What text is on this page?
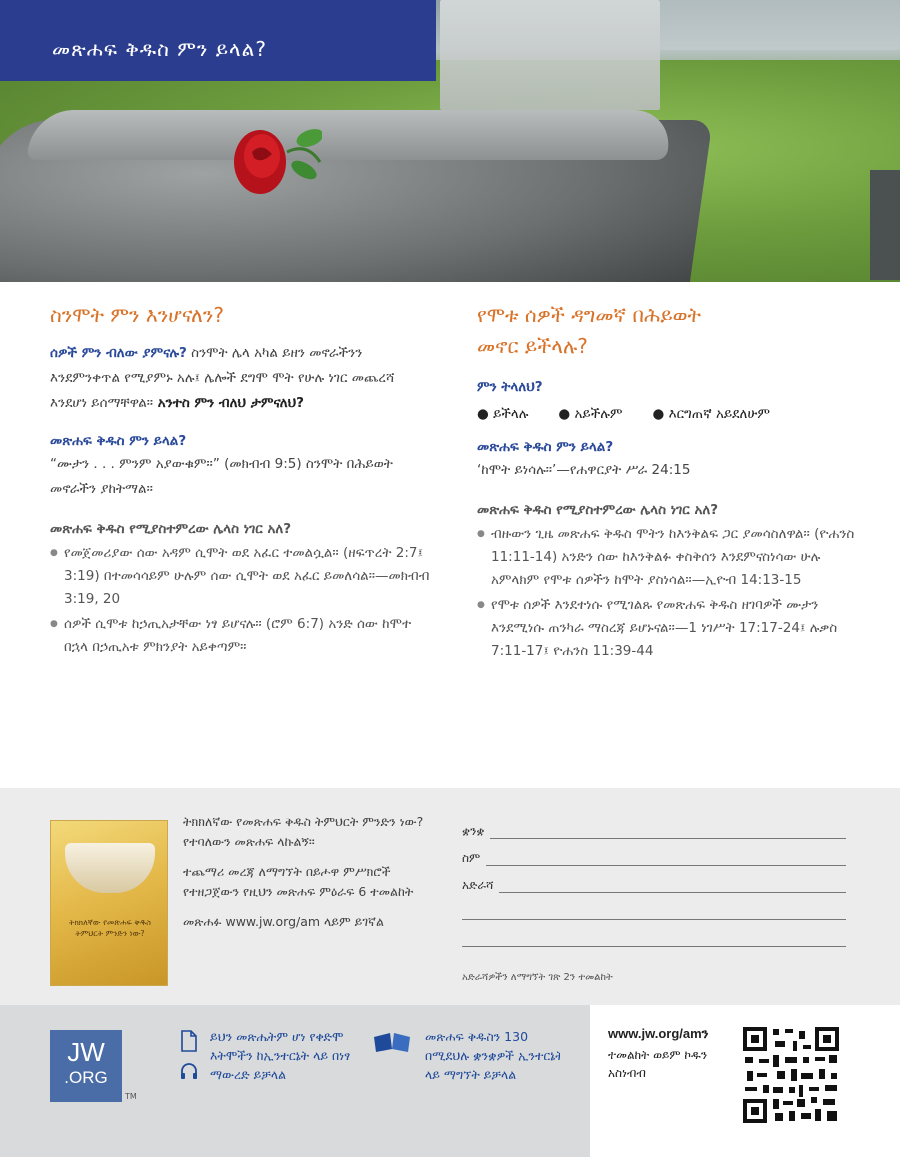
መጽሐፍ ቅዱስ ምን ይላል?
ስንሞት ምን እንሆናለን?

ሰዎች ምን ብለው ያምናሉ? ስንሞት ሌላ አካል ይዘን መኖራችንን እንደምንቀጥል የሚያምኑ አሉ፤ ሌሎች ደግሞ ሞት የሁሉ ነገር መጨረሻ እንደሆነ ይሰማቸዋል። አንተስ ምን ብለህ ታምናለህ?

መጽሐፍ ቅዱስ ምን ይላል?

“ሙታን . . . ምንም አያውቁም።” (መክብብ 9:5) ስንሞት በሕይወት መኖራችን ያከትማል።

መጽሐፍ ቅዱስ የሚያስተምረው ሌላስ ነገር አለ?
● የመጀመሪያው ሰው አዳም ሲሞት ወደ አፈር ተመልሷል። (ዘፍጥረት 2:7፤ 3:19) በተመሳሳይም ሁሉም ሰው ሲሞት ወደ አፈር ይመለሳል።—መክብብ 3:19, 20
● ሰዎች ሲሞቱ ከኃጢአታቸው ነፃ ይሆናሉ። (ሮም 6:7) አንድ ሰው ከሞተ በኋላ በኃጢአቱ ምክንያት አይቀጣም።
የሞቱ ሰዎች ዳግመኛ በሕይወት
መኖር ይችላሉ?
ምን ትላለህ?
● ይችላሉ ● አይችሉም ● እርግጠኛ አይደለሁም
መጽሐፍ ቅዱስ ምን ይላል?

‘ከሞት ይነሳሉ።’—የሐዋርያት ሥራ 24:15

መጽሐፍ ቅዱስ የሚያስተምረው ሌላስ ነገር አለ?
● ብዙውን ጊዜ መጽሐፍ ቅዱስ ሞትን ከእንቅልፍ ጋር ያመሳስለዋል። (ዮሐንስ 11:11-14) አንድን ሰው ከእንቅልፉ ቀስቅሰን እንደምናስነሳው ሁሉ አምላክም የሞቱ ሰዎችን ከሞት ያስነሳል።—ኢዮብ 14:13-15
● የሞቱ ሰዎች እንደተነሱ የሚገልጹ የመጽሐፍ ቅዱስ ዘገባዎች ሙታን እንደሚነሱ ጠንካራ ማስረጃ ይሆኑናል።—1 ነገሥት 17:17-24፤ ሉቃስ 7:11-17፤ ዮሐንስ 11:39-44
ትክክለኛው የመጽሐፍ ቅዱስ ትምህርት ምንድን ነው?

ትክክለኛው የመጽሐፍ ቅዱስ ትምህርት ምንድን ነው? የተባለውን መጽሐፍ ላኩልኝ።

ተጨማሪ መረጃ ለማግኘት በይሖዋ ምሥክሮች የተዘጋጀውን የዚህን መጽሐፍ ምዕራፍ 6 ተመልከት

መጽሐፉ www.jw.org/am ላይም ይገኛል

ቋንቋ
ስም
አድራሻ
አድራሻዎችን ለማግኘት ገጽ 2ን ተመልከት
JW
.ORG
TM
ይህን መጽሔትም ሆነ የቀድሞ እትሞችን ከኢንተርኔት ላይ በነፃ ማውረድ ይቻላል
መጽሐፍ ቅዱስን 130 በሚደህሉ ቋንቋዎች ኢንተርኔት ላይ ማግኘት ይቻላል
www.jw.org/amን
ተመልከት ወይም ኮዱን አስነብብ
